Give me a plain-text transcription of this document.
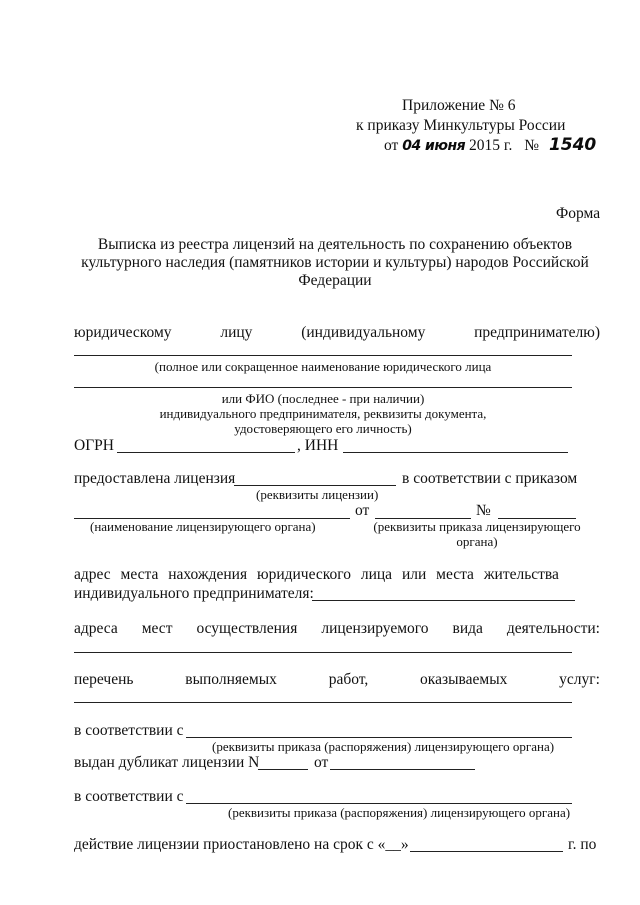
Приложение № 6
к приказу Минкультуры России
от 04 июня 2015 г. № 1540
Форма
Выписка из реестра лицензий на деятельность по сохранению объектов
культурного наследия (памятников истории и культуры) народов Российской
Федерации
юридическому	лицу	(индивидуальному	предпринимателю)
(полное или сокращенное наименование юридического лица
или ФИО (последнее - при наличии)
индивидуального предпринимателя, реквизиты документа,
удостоверяющего его личность)
ОГРН	, ИНН
предоставлена лицензия	в соответствии с приказом
(реквизиты лицензии)
от	№
(наименование лицензирующего органа)	(реквизиты приказа лицензирующего
органа)
адрес места нахождения юридического лица или места жительства
индивидуального предпринимателя:
адреса мест осуществления лицензируемого вида деятельности:
перечень	выполняемых	работ,	оказываемых	услуг:
в соответствии с
(реквизиты приказа (распоряжения) лицензирующего органа)
выдан дубликат лицензии N	от
в соответствии с
(реквизиты приказа (распоряжения) лицензирующего органа)
действие лицензии приостановлено на срок с «__»	г. по
